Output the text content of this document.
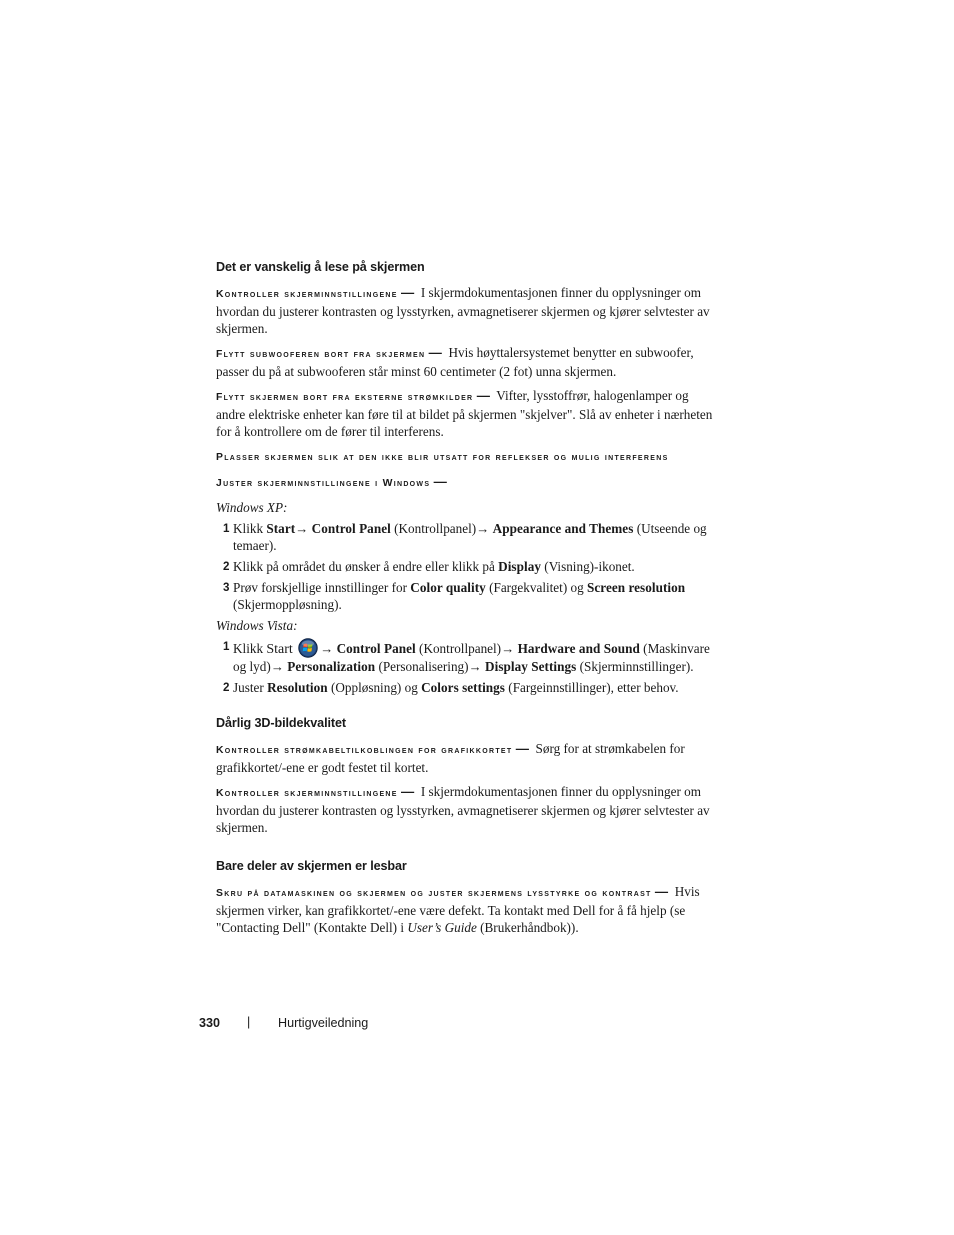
Det er vanskelig å lese på skjermen

Kontroller skjerminnstillingene — I skjermdokumentasjonen finner du opplysninger om hvordan du justerer kontrasten og lysstyrken, avmagnetiserer skjermen og kjører selvtester av skjermen.

Flytt subwooferen bort fra skjermen — Hvis høyttalersystemet benytter en subwoofer, passer du på at subwooferen står minst 60 centimeter (2 fot) unna skjermen.

Flytt skjermen bort fra eksterne strømkilder — Vifter, lysstoffrør, halogenlamper og andre elektriske enheter kan føre til at bildet på skjermen "skjelver". Slå av enheter i nærheten for å kontrollere om de fører til interferens.

Plasser skjermen slik at den ikke blir utsatt for reflekser og mulig interferens

Juster skjerminnstillingene i Windows —

Windows XP:

1 Klikk Start→ Control Panel (Kontrollpanel)→ Appearance and Themes (Utseende og temaer).
2 Klikk på området du ønsker å endre eller klikk på Display (Visning)-ikonet.
3 Prøv forskjellige innstillinger for Color quality (Fargekvalitet) og Screen resolution (Skjermoppløsning).

Windows Vista:

1 Klikk Start → Control Panel (Kontrollpanel)→ Hardware and Sound (Maskinvare og lyd)→ Personalization (Personalisering)→ Display Settings (Skjerminnstillinger).
2 Juster Resolution (Oppløsning) og Colors settings (Fargeinnstillinger), etter behov.
Dårlig 3D-bildekvalitet

Kontroller strømkabeltilkoblingen for grafikkortet — Sørg for at strømkabelen for grafikkortet/-ene er godt festet til kortet.

Kontroller skjerminnstillingene — I skjermdokumentasjonen finner du opplysninger om hvordan du justerer kontrasten og lysstyrken, avmagnetiserer skjermen og kjører selvtester av skjermen.

Bare deler av skjermen er lesbar

Skru på datamaskinen og skjermen og juster skjermens lysstyrke og kontrast — Hvis skjermen virker, kan grafikkortet/-ene være defekt. Ta kontakt med Dell for å få hjelp (se "Contacting Dell" (Kontakte Dell) i User’s Guide (Brukerhåndbok)).

330 | Hurtigveiledning
